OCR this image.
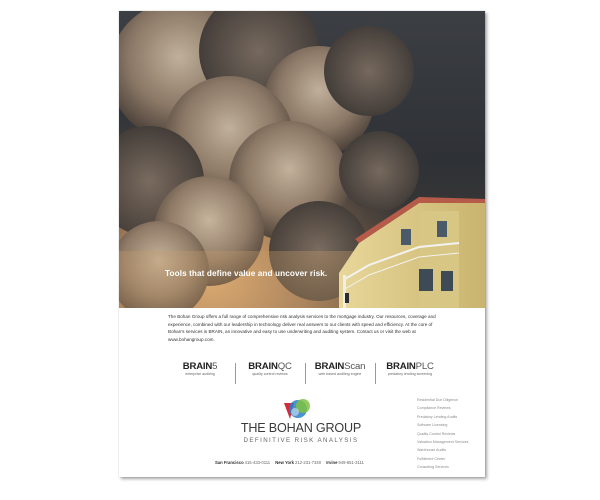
Tools that define value and uncover risk.

The Bohan Group offers a full range of comprehensive risk analysis services to the mortgage industry. Our resources, coverage and experience, combined with our leadership in technology deliver real answers to our clients with speed and efficiency. At the core of Bohan's services is BRAIN, an innovative and easy to use underwriting and auditing system. Contact us or visit the web at www.bohangroup.com.

BRAIN5
enterprise auditing
BRAINQC
quality control reviews
BRAINScan
web based auditing engine
BRAINPLC
predatory lending screening
THE BOHAN GROUP
DEFINITIVE RISK ANALYSIS
Residential Due Diligence
Compliance Reviews
Predatory Lending Audits
Software Licensing
Quality Control Reviews
Valuation Management Services
Warehouse Audits
Fulfillment Center
Consulting Services
San Francisco415-433-0111 New York212-231-7340 Irvine949-651-3111
